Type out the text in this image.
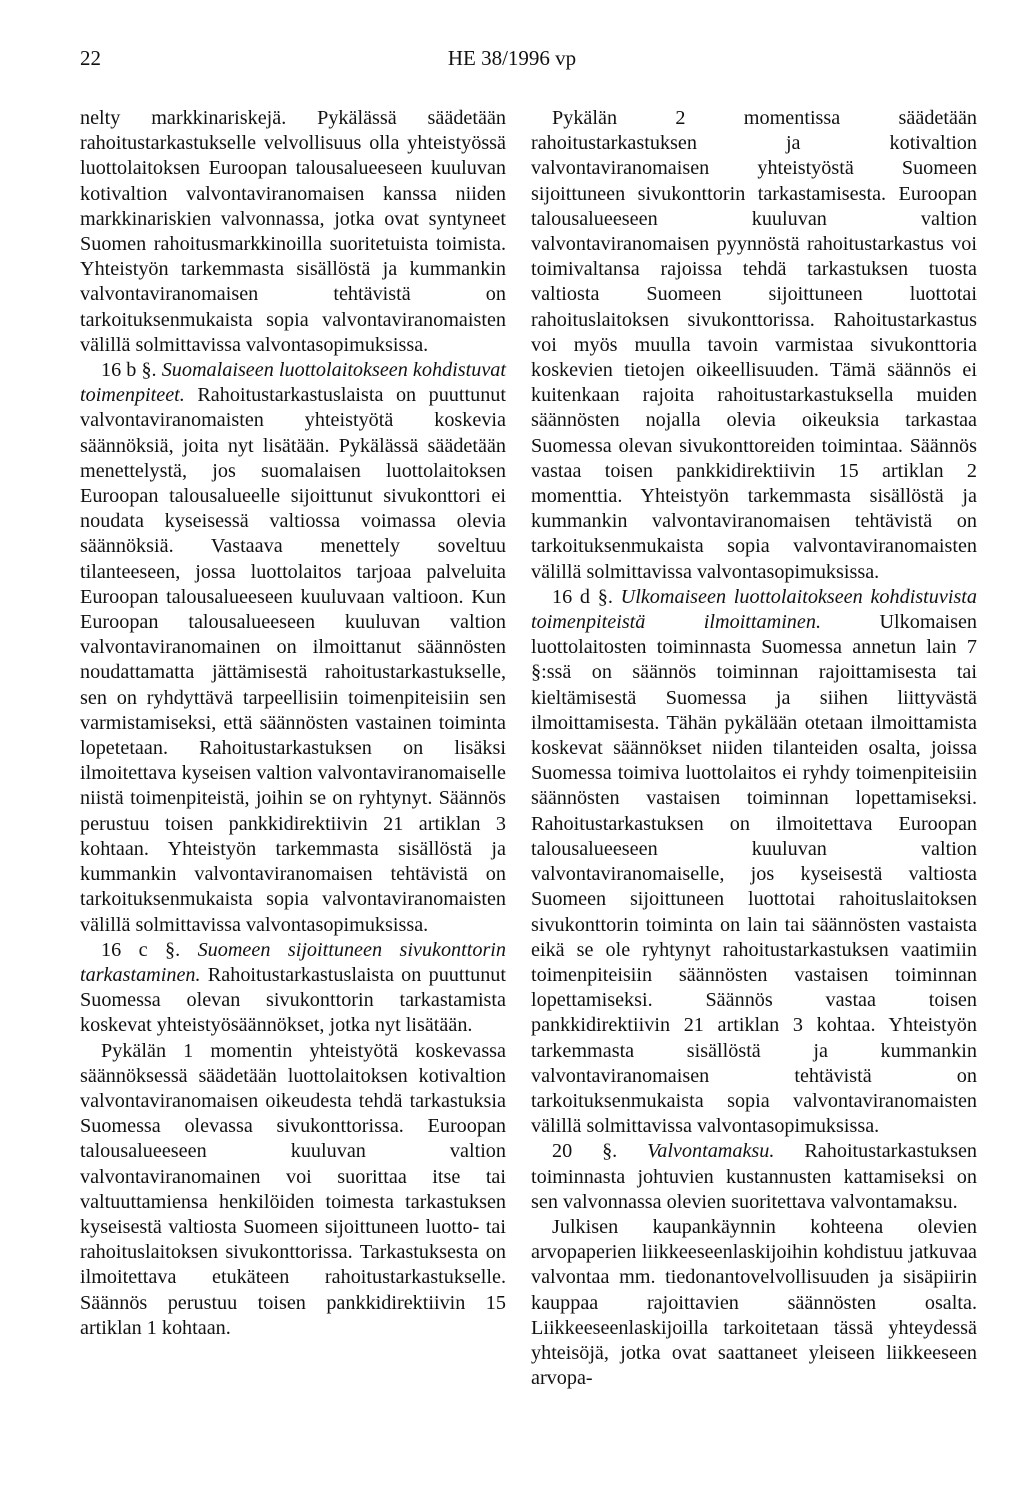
22	HE 38/1996 vp

nelty markkinariskejä. Pykälässä säädetään rahoitustarkastukselle velvollisuus olla yhteistyössä luottolaitoksen Euroopan talousalueeseen kuuluvan kotivaltion valvontaviranomaisen kanssa niiden markkinariskien valvonnassa, jotka ovat syntyneet Suomen rahoitusmarkkinoilla suoritetuista toimista. Yhteistyön tarkemmasta sisällöstä ja kummankin valvontaviranomaisen tehtävistä on tarkoituksenmukaista sopia valvontaviranomaisten välillä solmittavissa valvontasopimuksissa.

16 b §. Suomalaiseen luottolaitokseen kohdistuvat toimenpiteet. Rahoitustarkastuslaista on puuttunut valvontaviranomaisten yhteistyötä koskevia säännöksiä, joita nyt lisätään. Pykälässä säädetään menettelystä, jos suomalaisen luottolaitoksen Euroopan talousalueelle sijoittunut sivukonttori ei noudata kyseisessä valtiossa voimassa olevia säännöksiä. Vastaava menettely soveltuu tilanteeseen, jossa luottolaitos tarjoaa palveluita Euroopan talousalueeseen kuuluvaan valtioon. Kun Euroopan talousalueeseen kuuluvan valtion valvontaviranomainen on ilmoittanut säännösten noudattamatta jättämisestä rahoitustarkastukselle, sen on ryhdyttävä tarpeellisiin toimenpiteisiin sen varmistamiseksi, että säännösten vastainen toiminta lopetetaan. Rahoitustarkastuksen on lisäksi ilmoitettava kyseisen valtion valvontaviranomaiselle niistä toimenpiteistä, joihin se on ryhtynyt. Säännös perustuu toisen pankkidirektiivin 21 artiklan 3 kohtaan. Yhteistyön tarkemmasta sisällöstä ja kummankin valvontaviranomaisen tehtävistä on tarkoituksenmukaista sopia valvontaviranomaisten välillä solmittavissa valvontasopimuksissa.

16 c §. Suomeen sijoittuneen sivukonttorin tarkastaminen. Rahoitustarkastuslaista on puuttunut Suomessa olevan sivukonttorin tarkastamista koskevat yhteistyösäännökset, jotka nyt lisätään.

Pykälän 1 momentin yhteistyötä koskevassa säännöksessä säädetään luottolaitoksen kotivaltion valvontaviranomaisen oikeudesta tehdä tarkastuksia Suomessa olevassa sivukonttorissa. Euroopan talousalueeseen kuuluvan valtion valvontaviranomainen voi suorittaa itse tai valtuuttamiensa henkilöiden toimesta tarkastuksen kyseisestä valtiosta Suomeen sijoittuneen luotto- tai rahoituslaitoksen sivukonttorissa. Tarkastuksesta on ilmoitettava etukäteen rahoitustarkastukselle. Säännös perustuu toisen pankkidirektiivin 15 artiklan 1 kohtaan.

Pykälän 2 momentissa säädetään rahoitustarkastuksen ja kotivaltion valvontaviranomaisen yhteistyöstä Suomeen sijoittuneen sivukonttorin tarkastamisesta. Euroopan talousalueeseen kuuluvan valtion valvontaviranomaisen pyynnöstä rahoitustarkastus voi toimivaltansa rajoissa tehdä tarkastuksen tuosta valtiosta Suomeen sijoittuneen luottotai rahoituslaitoksen sivukonttorissa. Rahoitustarkastus voi myös muulla tavoin varmistaa sivukonttoria koskevien tietojen oikeellisuuden. Tämä säännös ei kuitenkaan rajoita rahoitustarkastuksella muiden säännösten nojalla olevia oikeuksia tarkastaa Suomessa olevan sivukonttoreiden toimintaa. Säännös vastaa toisen pankkidirektiivin 15 artiklan 2 momenttia. Yhteistyön tarkemmasta sisällöstä ja kummankin valvontaviranomaisen tehtävistä on tarkoituksenmukaista sopia valvontaviranomaisten välillä solmittavissa valvontasopimuksissa.

16 d §. Ulkomaiseen luottolaitokseen kohdistuvista toimenpiteistä ilmoittaminen.	Ulkomaisen luottolaitosten toiminnasta Suomessa annetun lain 7 §:ssä on säännös toiminnan rajoittamisesta tai kieltämisestä Suomessa ja siihen liittyvästä ilmoittamisesta. Tähän pykälään otetaan ilmoittamista koskevat säännökset niiden tilanteiden osalta, joissa Suomessa toimiva luottolaitos ei ryhdy toimenpiteisiin säännösten vastaisen toiminnan lopettamiseksi. Rahoitustarkastuksen on ilmoitettava Euroopan talousalueeseen kuuluvan valtion valvontaviranomaiselle, jos kyseisestä valtiosta Suomeen sijoittuneen luottotai rahoituslaitoksen sivukonttorin toiminta on lain tai säännösten vastaista eikä se ole ryhtynyt rahoitustarkastuksen vaatimiin toimenpiteisiin säännösten vastaisen toiminnan lopettamiseksi. Säännös vastaa toisen pankkidirektiivin 21 artiklan 3 kohtaa. Yhteistyön tarkemmasta sisällöstä ja kummankin valvontaviranomaisen tehtävistä on tarkoituksenmukaista sopia valvontaviranomaisten välillä solmittavissa valvontasopimuksissa.

20 §. Valvontamaksu. Rahoitustarkastuksen toiminnasta johtuvien kustannusten kattamiseksi on sen valvonnassa olevien suoritettava valvontamaksu.

Julkisen kaupankäynnin kohteena olevien arvopaperien liikkeeseenlaskijoihin kohdistuu jatkuvaa valvontaa mm. tiedonantovelvollisuuden ja sisäpiirin kauppaa rajoittavien säännösten osalta. Liikkeeseenlaskijoilla tarkoitetaan tässä yhteydessä yhteisöjä, jotka ovat saattaneet yleiseen liikkeeseen arvopa-
